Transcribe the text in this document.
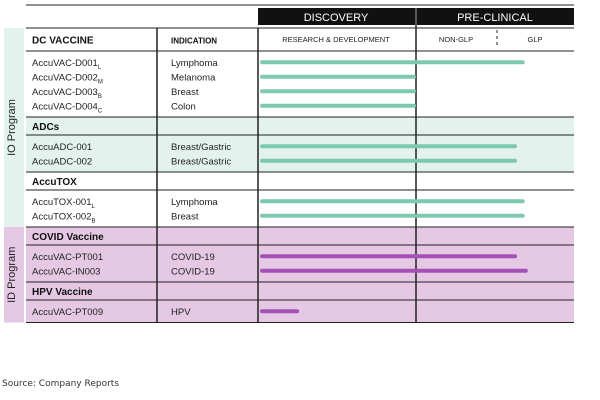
DISCOVERY	PRE-CLINICAL
RESEARCH & DEVELOPMENT	NON-GLP	GLP
DC VACCINE	INDICATION
AccuVAC-$D001_L$	Lymphoma
AccuVAC-$D002_M$	Melanoma
AccuVAC-$D003_B$	Breast
AccuVAC-$D004_C$	Colon
ADCs
AccuADC-001	Breast/Gastric
AccuADC-002	Breast/Gastric
AccuTOX
AccuTOX-$001_L$	Lymphoma
AccuTOX-$002_B$	Breast
COVID Vaccine
AccuVAC-PT001	COVID-19
AccuVAC-IN003	COVID-19
HPV Vaccine
AccuVAC-PT009	HPV
IO Program
ID Program
Source: Company Reports
